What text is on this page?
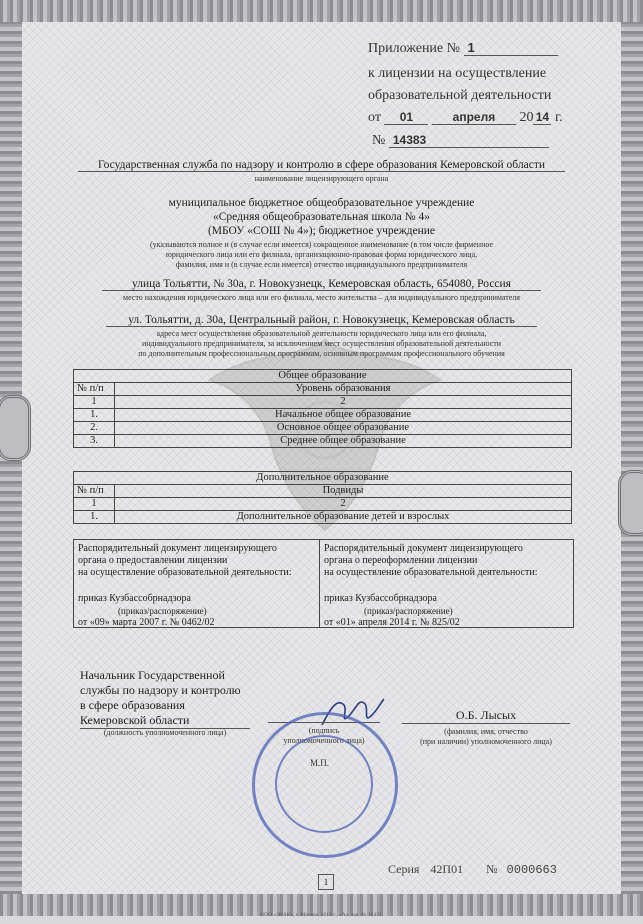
Приложение № 1
к лицензии на осуществление
образовательной деятельности
от 01	апреля 20 14 г.
№ 14383
Государственная служба по надзору и контролю в сфере образования Кемеровской области
наименование лицензирующего органа
муниципальное бюджетное общеобразовательное учреждение
«Средняя общеобразовательная школа № 4»
(МБОУ «СОШ № 4»); бюджетное учреждение
(указываются полное и (в случае если имеется) сокращенное наименование (в том числе фирменное
юридического лица или его филиала, организационно-правовая форма юридического лица,
фамилия, имя и (в случае если имеется) отчество индивидуального предпринимателя
улица Тольятти, № 30а, г. Новокузнецк, Кемеровская область, 654080, Россия
место нахождения юридического лица или его филиала, место жительства – для индивидуального предпринимателя
ул. Тольятти, д. 30а, Центральный район, г. Новокузнецк, Кемеровская область
адреса мест осуществления образовательной деятельности юридического лица или его филиала,
индивидуального предпринимателя, за исключением мест осуществления образовательной деятельности
по дополнительным профессиональным программам, основным программам профессионального обучения
Общее образование	
№ п/п	Уровень образования
1	2
1.	Начальное общее образование
2.	Основное общее образование
3.	Среднее общее образование
Дополнительное образование	
№ п/п	Подвиды
1	2
1.	Дополнительное образование детей и взрослых
Распорядительный документ лицензирующего
органа о предоставлении лицензии
на осуществление образовательной деятельности:
приказ Кузбассобрнадзора
(приказ/распоряжение)
от «09» марта 2007 г. № 0462/02
Распорядительный документ лицензирующего
органа о переоформлении лицензии
на осуществление образовательной деятельности:
приказ Кузбассобрнадзора
(приказ/распоряжение)
от «01» апреля 2014 г. № 825/02
Начальник Государственной
службы по надзору и контролю
в сфере образования
Кемеровской области
(должность уполномоченного лица)	(подпись
уполномоченного лица)
М.П.
О.Б. Лысых
(фамилия, имя, отчество
(при наличии) уполномоченного лица)
Серия 42П01 № 0000663
1
ООО «ЗНАК», г. Москва, 2012 г., «А», зак. № 12431.
